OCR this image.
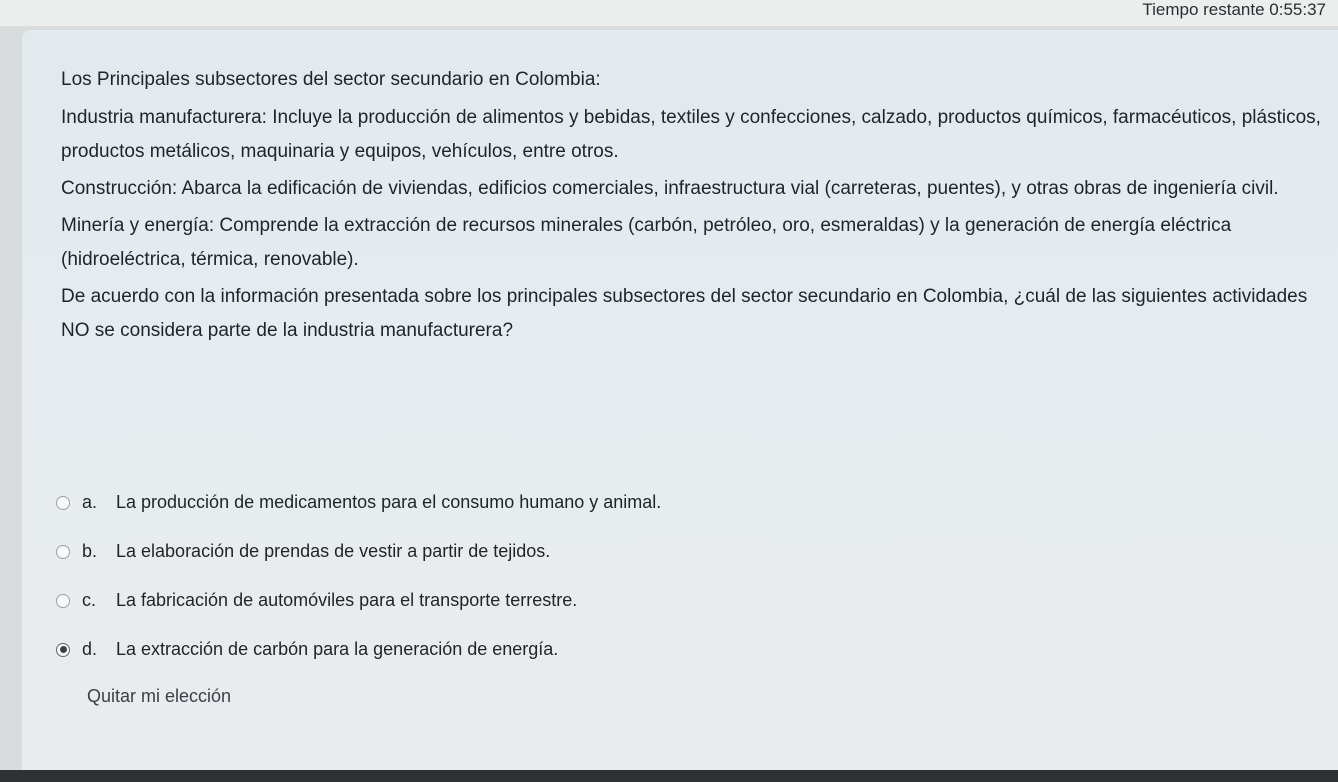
Tiempo restante 0:55:37

Los Principales subsectores del sector secundario en Colombia:

Industria manufacturera: Incluye la producción de alimentos y bebidas, textiles y confecciones, calzado, productos químicos, farmacéuticos, plásticos, productos metálicos, maquinaria y equipos, vehículos, entre otros.

Construcción: Abarca la edificación de viviendas, edificios comerciales, infraestructura vial (carreteras, puentes), y otras obras de ingeniería civil.

Minería y energía: Comprende la extracción de recursos minerales (carbón, petróleo, oro, esmeraldas) y la generación de energía eléctrica (hidroeléctrica, térmica, renovable).

De acuerdo con la información presentada sobre los principales subsectores del sector secundario en Colombia, ¿cuál de las siguientes actividades NO se considera parte de la industria manufacturera?

a.	La producción de medicamentos para el consumo humano y animal.
b.	La elaboración de prendas de vestir a partir de tejidos.
c.	La fabricación de automóviles para el transporte terrestre.
d.	La extracción de carbón para la generación de energía.
Quitar mi elección
